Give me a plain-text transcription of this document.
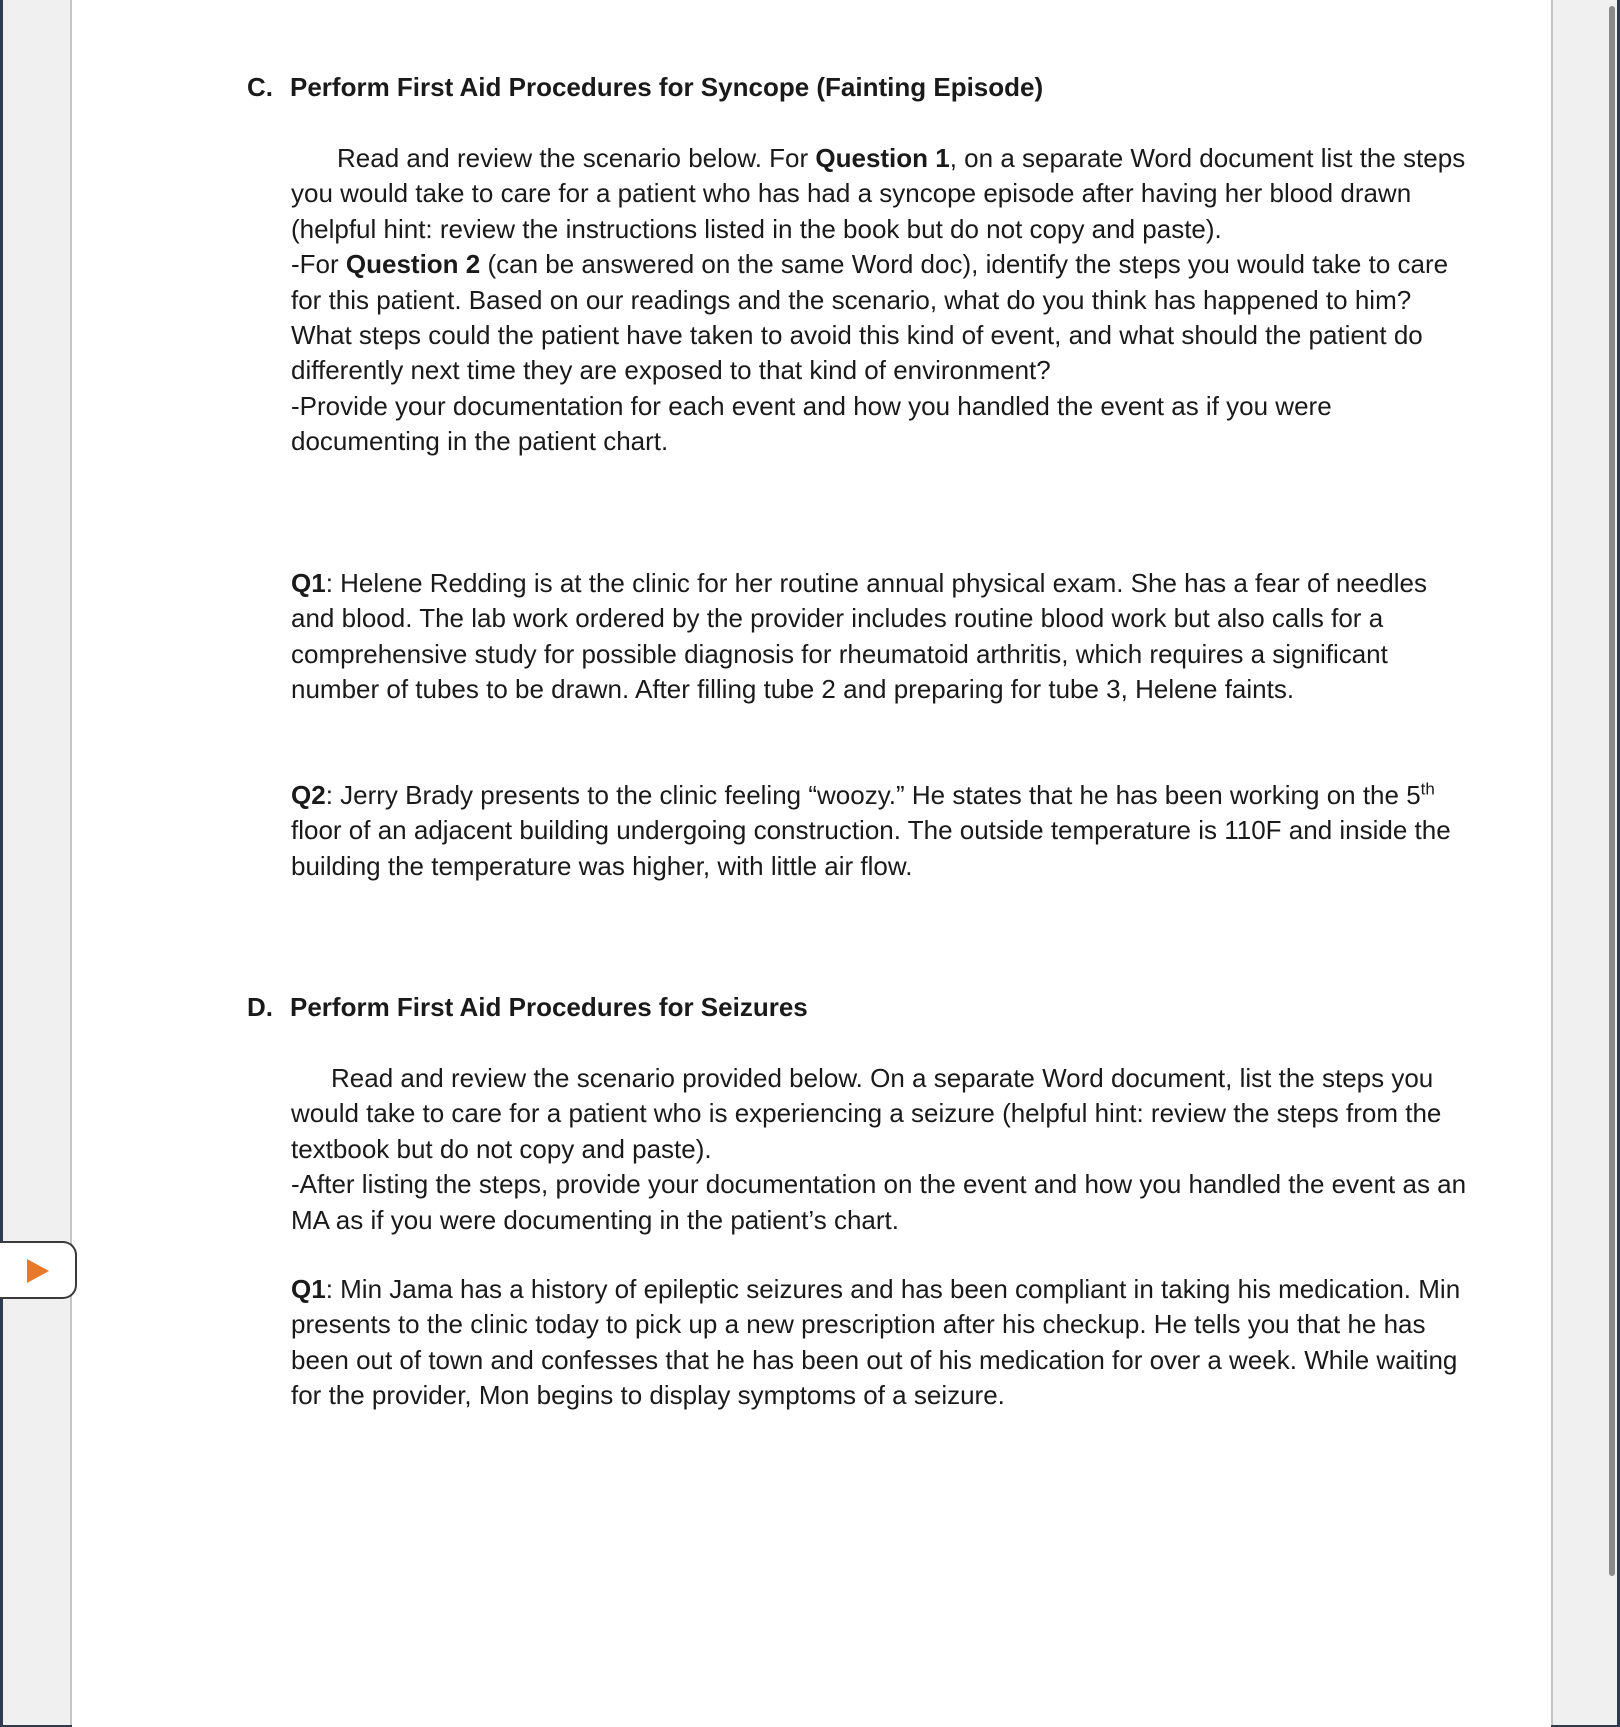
C. Perform First Aid Procedures for Syncope (Fainting Episode)

Read and review the scenario below. For Question 1, on a separate Word document list the steps you would take to care for a patient who has had a syncope episode after having her blood drawn (helpful hint: review the instructions listed in the book but do not copy and paste).

-For Question 2 (can be answered on the same Word doc), identify the steps you would take to care for this patient. Based on our readings and the scenario, what do you think has happened to him? What steps could the patient have taken to avoid this kind of event, and what should the patient do differently next time they are exposed to that kind of environment?

-Provide your documentation for each event and how you handled the event as if you were documenting in the patient chart.

Q1: Helene Redding is at the clinic for her routine annual physical exam. She has a fear of needles and blood. The lab work ordered by the provider includes routine blood work but also calls for a comprehensive study for possible diagnosis for rheumatoid arthritis, which requires a significant number of tubes to be drawn. After filling tube 2 and preparing for tube 3, Helene faints.

Q2: Jerry Brady presents to the clinic feeling “woozy.” He states that he has been working on the 5th floor of an adjacent building undergoing construction. The outside temperature is 110F and inside the building the temperature was higher, with little air flow.

D. Perform First Aid Procedures for Seizures

Read and review the scenario provided below. On a separate Word document, list the steps you would take to care for a patient who is experiencing a seizure (helpful hint: review the steps from the textbook but do not copy and paste).

-After listing the steps, provide your documentation on the event and how you handled the event as an MA as if you were documenting in the patient’s chart.

Q1: Min Jama has a history of epileptic seizures and has been compliant in taking his medication. Min presents to the clinic today to pick up a new prescription after his checkup. He tells you that he has been out of town and confesses that he has been out of his medication for over a week. While waiting for the provider, Mon begins to display symptoms of a seizure.
